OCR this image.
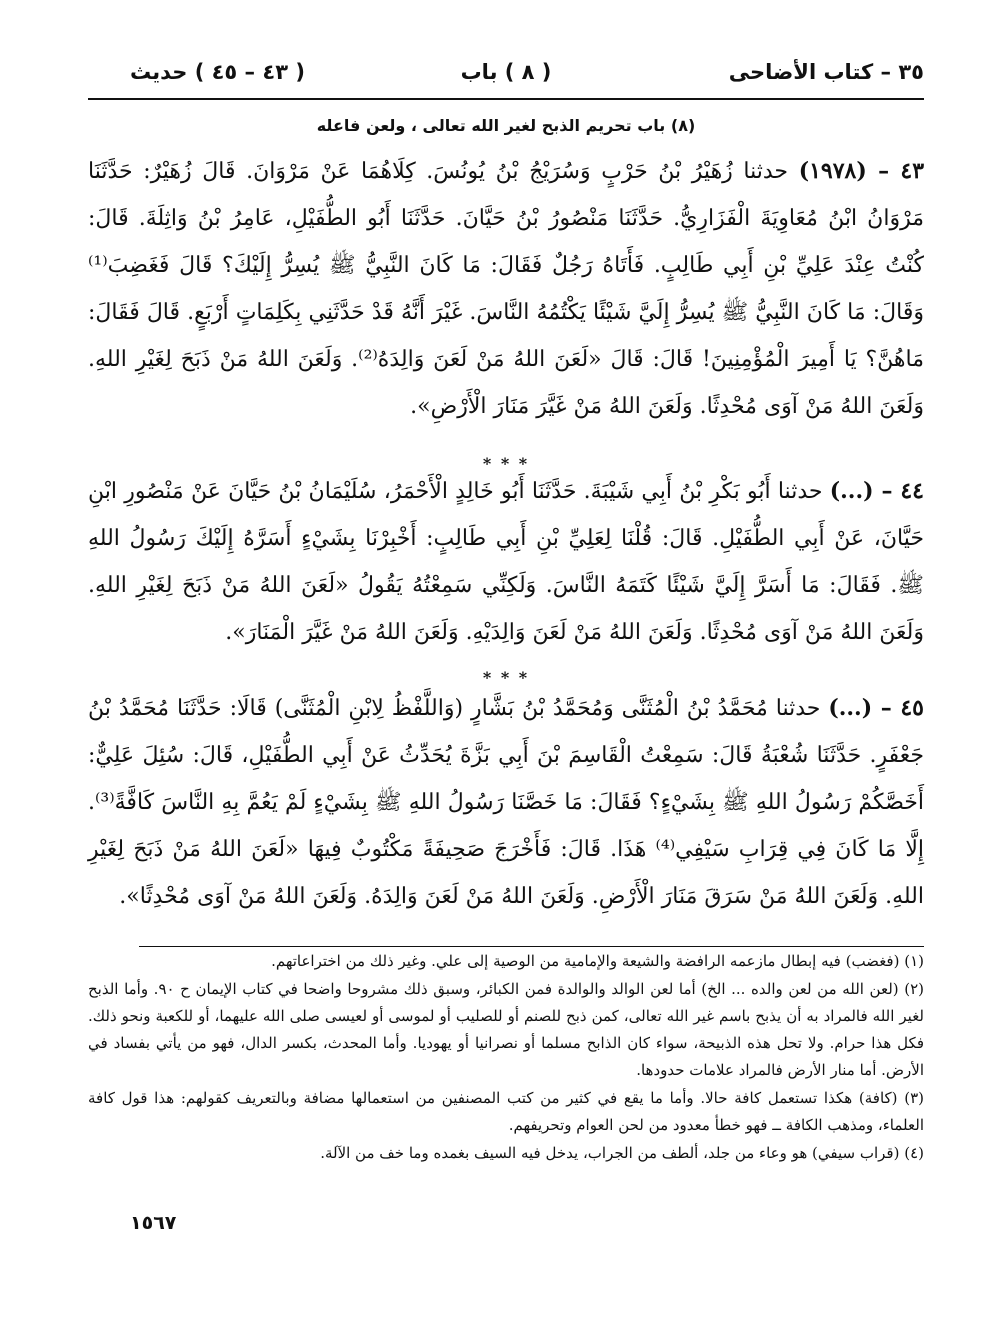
٣٥ – كتاب الأضاحى
( ٨ ) باب
( ٤٣ – ٤٥ ) حديث
(٨) باب تحريم الذبح لغير الله تعالى ، ولعن فاعله
٤٣ – (١٩٧٨) حدثنا زُهَيْرُ بْنُ حَرْبٍ وَسُرَيْجُ بْنُ يُونُسَ. كِلَاهُمَا عَنْ مَرْوَانَ. قَالَ زُهَيْرٌ: حَدَّثَنَا مَرْوَانُ ابْنُ مُعَاوِيَةَ الْفَزَارِيُّ. حَدَّثَنَا مَنْصُورُ بْنُ حَيَّانَ. حَدَّثَنَا أَبُو الطُّفَيْلِ، عَامِرُ بْنُ وَاثِلَةَ. قَالَ: كُنْتُ عِنْدَ عَلِيِّ بْنِ أَبِي طَالِبٍ. فَأَتَاهُ رَجُلٌ فَقَالَ: مَا كَانَ النَّبِيُّ ﷺ يُسِرُّ إِلَيْكَ؟ قَالَ فَغَضِبَ⁽¹⁾ وَقَالَ: مَا كَانَ النَّبِيُّ ﷺ يُسِرُّ إِلَيَّ شَيْئًا يَكْتُمُهُ النَّاسَ. غَيْرَ أَنَّهُ قَدْ حَدَّثَنِي بِكَلِمَاتٍ أَرْبَعٍ. قَالَ فَقَالَ: مَاهُنَّ؟ يَا أَمِيرَ الْمُؤْمِنِينَ! قَالَ: قَالَ «لَعَنَ اللهُ مَنْ لَعَنَ وَالِدَهُ⁽²⁾. وَلَعَنَ اللهُ مَنْ ذَبَحَ لِغَيْرِ اللهِ. وَلَعَنَ اللهُ مَنْ آوَى مُحْدِثًا. وَلَعَنَ اللهُ مَنْ غَيَّرَ مَنَارَ الْأَرْضِ».
* * *
٤٤ – (...) حدثنا أَبُو بَكْرِ بْنُ أَبِي شَيْبَةَ. حَدَّثَنَا أَبُو خَالِدٍ الْأَحْمَرُ، سُلَيْمَانُ بْنُ حَيَّانَ عَنْ مَنْصُورِ ابْنِ حَيَّانَ، عَنْ أَبِي الطُّفَيْلِ. قَالَ: قُلْنَا لِعَلِيِّ بْنِ أَبِي طَالِبٍ: أَخْبِرْنَا بِشَيْءٍ أَسَرَّهُ إِلَيْكَ رَسُولُ اللهِ ﷺ. فَقَالَ: مَا أَسَرَّ إِلَيَّ شَيْئًا كَتَمَهُ النَّاسَ. وَلَكِنِّي سَمِعْتُهُ يَقُولُ «لَعَنَ اللهُ مَنْ ذَبَحَ لِغَيْرِ اللهِ. وَلَعَنَ اللهُ مَنْ آوَى مُحْدِثًا. وَلَعَنَ اللهُ مَنْ لَعَنَ وَالِدَيْهِ. وَلَعَنَ اللهُ مَنْ غَيَّرَ الْمَنَارَ».
* * *
٤٥ – (...) حدثنا مُحَمَّدُ بْنُ الْمُثَنَّى وَمُحَمَّدُ بْنُ بَشَّارٍ (وَاللَّفْظُ لِابْنِ الْمُثَنَّى) قَالَا: حَدَّثَنَا مُحَمَّدُ بْنُ جَعْفَرٍ. حَدَّثَنَا شُعْبَةُ قَالَ: سَمِعْتُ الْقَاسِمَ بْنَ أَبِي بَزَّةَ يُحَدِّثُ عَنْ أَبِي الطُّفَيْلِ، قَالَ: سُئِلَ عَلِيٌّ: أَخَصَّكُمْ رَسُولُ اللهِ ﷺ بِشَيْءٍ؟ فَقَالَ: مَا خَصَّنَا رَسُولُ اللهِ ﷺ بِشَيْءٍ لَمْ يَعُمَّ بِهِ النَّاسَ كَافَّةً⁽³⁾. إِلَّا مَا كَانَ فِي قِرَابِ سَيْفِي⁽⁴⁾ هَذَا. قَالَ: فَأَخْرَجَ صَحِيفَةً مَكْتُوبٌ فِيهَا «لَعَنَ اللهُ مَنْ ذَبَحَ لِغَيْرِ اللهِ. وَلَعَنَ اللهُ مَنْ سَرَقَ مَنَارَ الْأَرْضِ. وَلَعَنَ اللهُ مَنْ لَعَنَ وَالِدَهُ. وَلَعَنَ اللهُ مَنْ آوَى مُحْدِثًا».

(١) (فغضب) فيه إبطال مازعمه الرافضة والشيعة والإمامية من الوصية إلى علي. وغير ذلك من اختراعاتهم.

(٢) (لعن الله من لعن والده ... الخ) أما لعن الوالد والوالدة فمن الكبائر، وسبق ذلك مشروحا واضحا في كتاب الإيمان ح ٩٠. وأما الذبح لغير الله فالمراد به أن يذبح باسم غير الله تعالى، كمن ذبح للصنم أو للصليب أو لموسى أو لعيسى صلى الله عليهما، أو للكعبة ونحو ذلك. فكل هذا حرام. ولا تحل هذه الذبيحة، سواء كان الذابح مسلما أو نصرانيا أو يهوديا. وأما المحدث، بكسر الدال، فهو من يأتي بفساد في الأرض. أما منار الأرض فالمراد علامات حدودها.

(٣) (كافة) هكذا تستعمل كافة حالا. وأما ما يقع في كثير من كتب المصنفين من استعمالها مضافة وبالتعريف كقولهم: هذا قول كافة العلماء، ومذهب الكافة ــ فهو خطأ معدود من لحن العوام وتحريفهم.

(٤) (قراب سيفي) هو وعاء من جلد، ألطف من الجراب، يدخل فيه السيف بغمده وما خف من الآلة.

١٥٦٧
